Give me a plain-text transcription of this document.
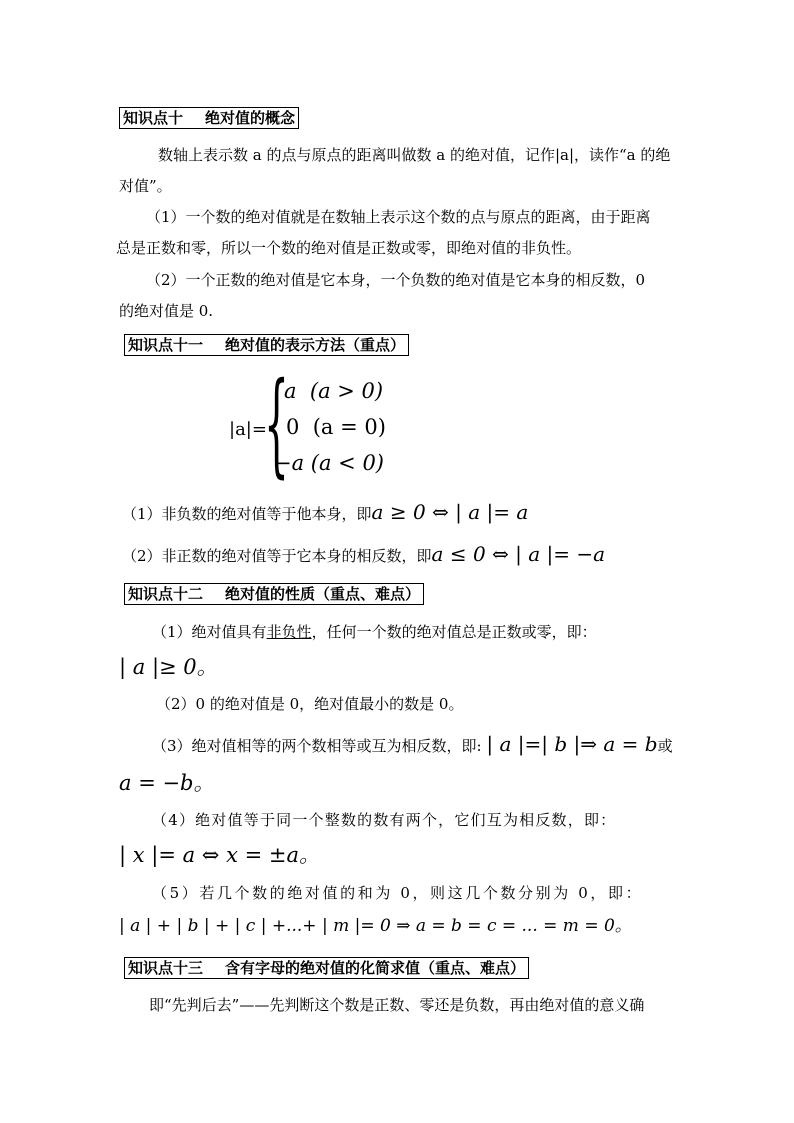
知识点十 绝对值的概念
数轴上表示数 a 的点与原点的距离叫做数 a 的绝对值，记作|a|，读作“a 的绝
对值”。
（1）一个数的绝对值就是在数轴上表示这个数的点与原点的距离，由于距离
总是正数和零，所以一个数的绝对值是正数或零，即绝对值的非负性。
（2）一个正数的绝对值是它本身，一个负数的绝对值是它本身的相反数，0
的绝对值是 0.
知识点十一 绝对值的表示方法（重点）
|a|=
{
a  (a > 0)
0  (a = 0)
−a (a < 0)
（1）非负数的绝对值等于他本身，即a ≥ 0 ⇔ | a |= a
（2）非正数的绝对值等于它本身的相反数，即a ≤ 0 ⇔ | a |= −a
知识点十二 绝对值的性质（重点、难点）
（1）绝对值具有非负性，任何一个数的绝对值总是正数或零，即：
| a |≥ 0。
（2）0 的绝对值是 0，绝对值最小的数是 0。
（3）绝对值相等的两个数相等或互为相反数，即: | a |=| b |⇒ a = b或
a = −b。
（4）绝对值等于同一个整数的数有两个，它们互为相反数，即：
| x |= a ⇔ x = ±a。
（5）若几个数的绝对值的和为 0，则这几个数分别为 0，即：
| a | + | b | + | c | +...+ | m |= 0 ⇒ a = b = c = ... = m = 0。
知识点十三 含有字母的绝对值的化简求值（重点、难点）
即“先判后去”——先判断这个数是正数、零还是负数，再由绝对值的意义确
